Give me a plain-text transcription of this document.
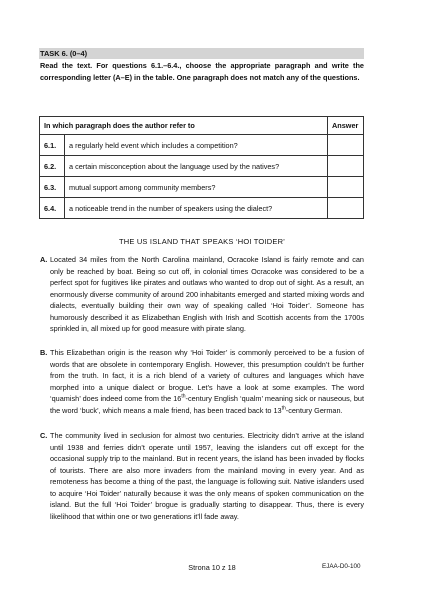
TASK 6. (0–4)
Read the text. For questions 6.1.–6.4., choose the appropriate paragraph and write the corresponding letter (A–E) in the table. One paragraph does not match any of the questions.
In which paragraph does the author refer to		Answer
6.1.	a regularly held event which includes a competition?	
6.2.	a certain misconception about the language used by the natives?	
6.3.	mutual support among community members?	
6.4.	a noticeable trend in the number of speakers using the dialect?	
THE US ISLAND THAT SPEAKS ‘HOI TOIDER’
A. Located 34 miles from the North Carolina mainland, Ocracoke Island is fairly remote and can only be reached by boat. Being so cut off, in colonial times Ocracoke was considered to be a perfect spot for fugitives like pirates and outlaws who wanted to drop out of sight. As a result, an enormously diverse community of around 200 inhabitants emerged and started mixing words and dialects, eventually building their own way of speaking called ‘Hoi Toider’. Someone has humorously described it as Elizabethan English with Irish and Scottish accents from the 1700s sprinkled in, all mixed up for good measure with pirate slang.
B. This Elizabethan origin is the reason why ‘Hoi Toider’ is commonly perceived to be a fusion of words that are obsolete in contemporary English. However, this presumption couldn’t be further from the truth. In fact, it is a rich blend of a variety of cultures and languages which have morphed into a unique dialect or brogue. Let’s have a look at some examples. The word ‘quamish’ does indeed come from the 16th-century English ‘qualm’ meaning sick or nauseous, but the word ‘buck’, which means a male friend, has been traced back to 13th-century German.
C. The community lived in seclusion for almost two centuries. Electricity didn’t arrive at the island until 1938 and ferries didn’t operate until 1957, leaving the islanders cut off except for the occasional supply trip to the mainland. But in recent years, the island has been invaded by flocks of tourists. There are also more invaders from the mainland moving in every year. And as remoteness has become a thing of the past, the language is following suit. Native islanders used to acquire ‘Hoi Toider’ naturally because it was the only means of spoken communication on the island. But the full ‘Hoi Toider’ brogue is gradually starting to disappear. Thus, there is every likelihood that within one or two generations it’ll fade away.
Strona 10 z 18	EJAA-D0-100
